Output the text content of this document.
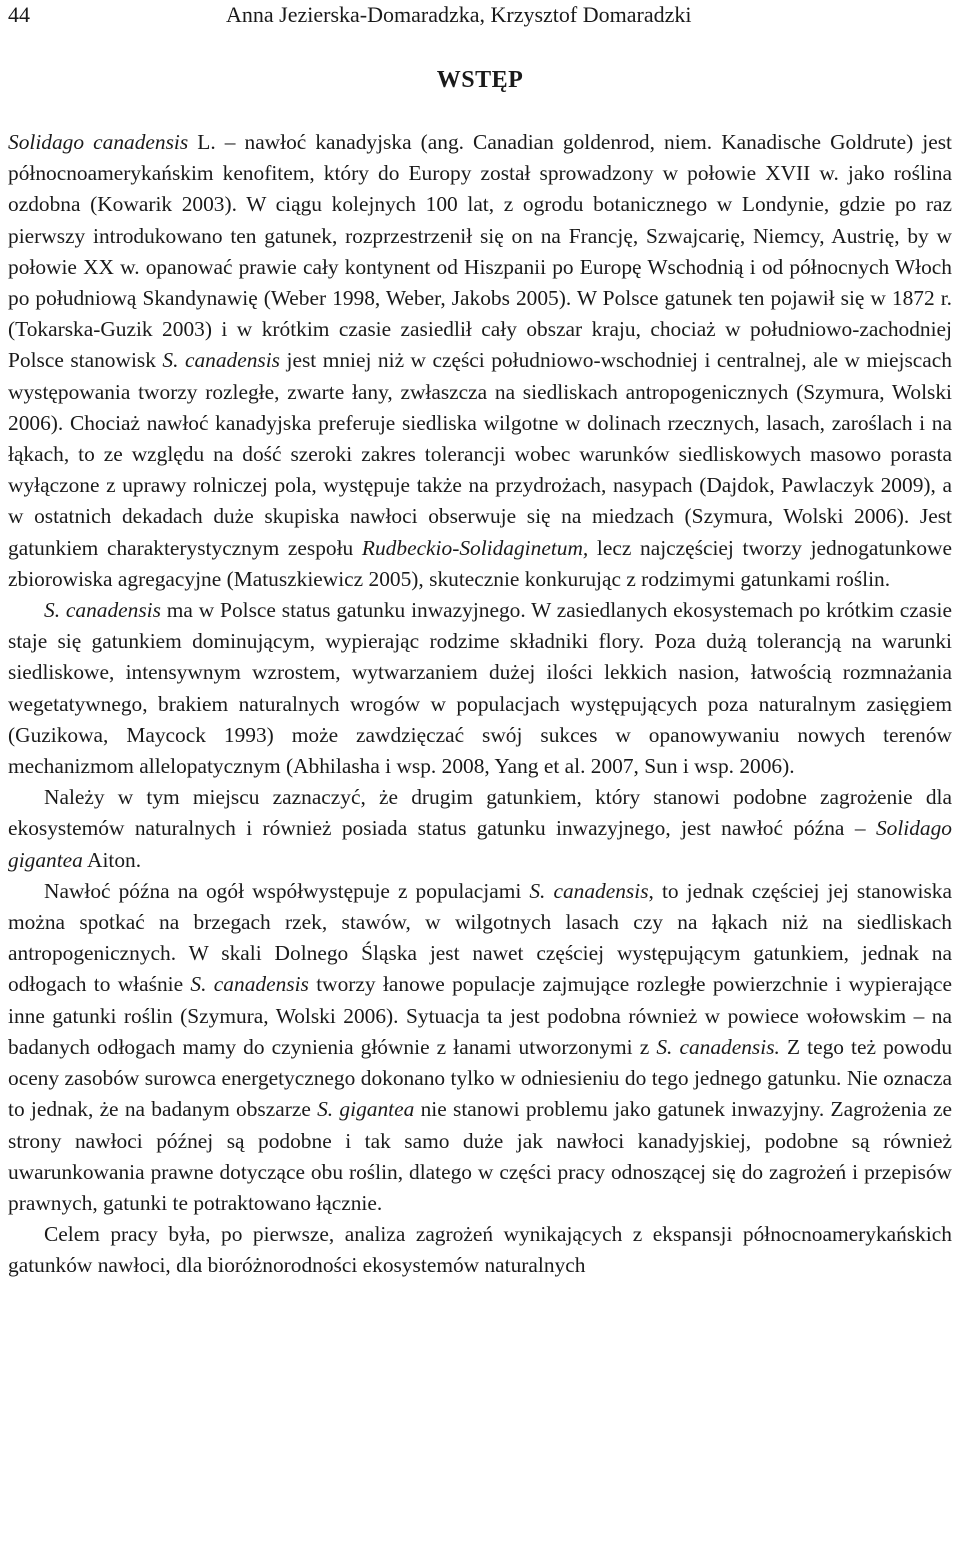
44	Anna Jezierska-Domaradzka, Krzysztof Domaradzki
WSTĘP

Solidago canadensis L. – nawłoć kanadyjska (ang. Canadian goldenrod, niem. Kanadische Goldrute) jest północnoamerykańskim kenofitem, który do Europy został sprowadzony w połowie XVII w. jako roślina ozdobna (Kowarik 2003). W ciągu kolejnych 100 lat, z ogrodu botanicznego w Londynie, gdzie po raz pierwszy introdukowano ten gatunek, rozprzestrzenił się on na Francję, Szwajcarię, Niemcy, Austrię, by w połowie XX w. opanować prawie cały kontynent od Hiszpanii po Europę Wschodnią i od północnych Włoch po południową Skandynawię (Weber 1998, Weber, Jakobs 2005). W Polsce gatunek ten pojawił się w 1872 r. (Tokarska-Guzik 2003) i w krótkim czasie zasiedlił cały obszar kraju, chociaż w południowo-zachodniej Polsce stanowisk S. canadensis jest mniej niż w części południowo-wschodniej i centralnej, ale w miejscach występowania tworzy rozległe, zwarte łany, zwłaszcza na siedliskach antropogenicznych (Szymura, Wolski 2006). Chociaż nawłoć kanadyjska preferuje siedliska wilgotne w dolinach rzecznych, lasach, zaroślach i na łąkach, to ze względu na dość szeroki zakres tolerancji wobec warunków siedliskowych masowo porasta wyłączone z uprawy rolniczej pola, występuje także na przydrożach, nasypach (Dajdok, Pawlaczyk 2009), a w ostatnich dekadach duże skupiska nawłoci obserwuje się na miedzach (Szymura, Wolski 2006). Jest gatunkiem charakterystycznym zespołu Rudbeckio-Solidaginetum, lecz najczęściej tworzy jednogatunkowe zbiorowiska agregacyjne (Matuszkiewicz 2005), skutecznie konkurując z rodzimymi gatunkami roślin.

S. canadensis ma w Polsce status gatunku inwazyjnego. W zasiedlanych ekosystemach po krótkim czasie staje się gatunkiem dominującym, wypierając rodzime składniki flory. Poza dużą tolerancją na warunki siedliskowe, intensywnym wzrostem, wytwarzaniem dużej ilości lekkich nasion, łatwością rozmnażania wegetatywnego, brakiem naturalnych wrogów w populacjach występujących poza naturalnym zasięgiem (Guzikowa, Maycock 1993) może zawdzięczać swój sukces w opanowywaniu nowych terenów mechanizmom allelopatycznym (Abhilasha i wsp. 2008, Yang et al. 2007, Sun i wsp. 2006).

Należy w tym miejscu zaznaczyć, że drugim gatunkiem, który stanowi podobne zagrożenie dla ekosystemów naturalnych i również posiada status gatunku inwazyjnego, jest nawłoć późna – Solidago gigantea Aiton.

Nawłoć późna na ogół współwystępuje z populacjami S. canadensis, to jednak częściej jej stanowiska można spotkać na brzegach rzek, stawów, w wilgotnych lasach czy na łąkach niż na siedliskach antropogenicznych. W skali Dolnego Śląska jest nawet częściej występującym gatunkiem, jednak na odłogach to właśnie S. canadensis tworzy łanowe populacje zajmujące rozległe powierzchnie i wypierające inne gatunki roślin (Szymura, Wolski 2006). Sytuacja ta jest podobna również w powiece wołowskim – na badanych odłogach mamy do czynienia głównie z łanami utworzonymi z S. canadensis. Z tego też powodu oceny zasobów surowca energetycznego dokonano tylko w odniesieniu do tego jednego gatunku. Nie oznacza to jednak, że na badanym obszarze S. gigantea nie stanowi problemu jako gatunek inwazyjny. Zagrożenia ze strony nawłoci późnej są podobne i tak samo duże jak nawłoci kanadyjskiej, podobne są również uwarunkowania prawne dotyczące obu roślin, dlatego w części pracy odnoszącej się do zagrożeń i przepisów prawnych, gatunki te potraktowano łącznie.

Celem pracy była, po pierwsze, analiza zagrożeń wynikających z ekspansji północnoamerykańskich gatunków nawłoci, dla bioróżnorodności ekosystemów naturalnych
